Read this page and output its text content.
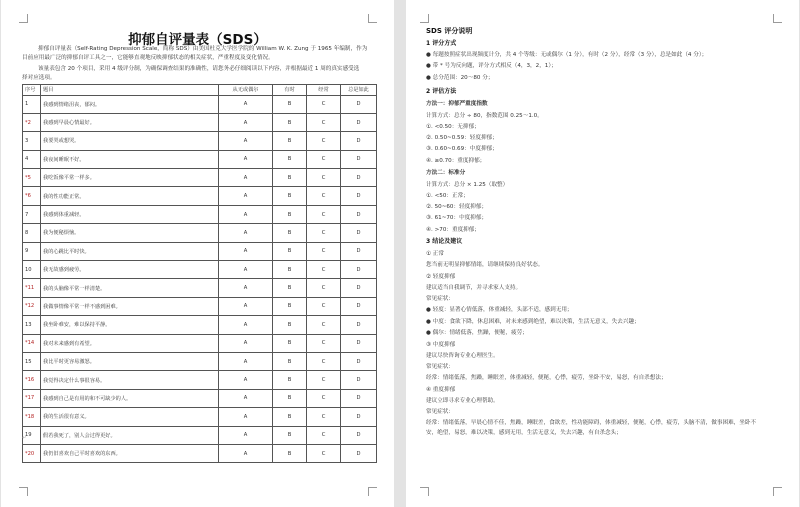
抑郁自评量表（SDS）
抑郁自评量表（Self-Rating Depression Scale，简称 SDS）由美国杜克大学医学院的 William W. K. Zung 于 1965 年编制，作为
目前应用最广泛的抑郁自评工具之一，它能够直观地反映抑郁状态的相关症状，严重程度及变化情况。
该量表包含 20 个项目，采用 4 级评分制，为确保调查结果的准确性，请您务必仔细阅读以下内容，并根据最近 1 周的真实感受选
择对应选项。
序号	题目	从无或偶尔	有时	经常	总是如此
1	我感到情绪沮丧，郁闷。	A	B	C	D
*2	我感到早晨心情最好。	A	B	C	D
3	我要哭或想哭。	A	B	C	D
4	我夜间睡眠不好。	A	B	C	D
*5	我吃饭像平常一样多。	A	B	C	D
*6	我的性功能正常。	A	B	C	D
7	我感到体重减轻。	A	B	C	D
8	我为便秘烦恼。	A	B	C	D
9	我的心跳比平时快。	A	B	C	D
10	我无故感到疲劳。	A	B	C	D
*11	我的头脑像平常一样清楚。	A	B	C	D
*12	我做事情像平常一样不感到困难。	A	B	C	D
13	我坐卧难安，难以保持平静。	A	B	C	D
*14	我对未来感到有希望。	A	B	C	D
15	我比平时更容易激怒。	A	B	C	D
*16	我觉得决定什么事很容易。	A	B	C	D
*17	我感到自己是有用的和不可缺少的人。	A	B	C	D
*18	我的生活很有意义。	A	B	C	D
19	假若我死了，别人会过得更好。	A	B	C	D
*20	我仍旧喜欢自己平时喜欢的东西。	A	B	C	D
↵
SDS 评分说明
1 评分方式
● 每题按照症状出现频度计分，共 4 个等级：无或偶尔（1 分），有时（2 分），经常（3 分），总是如此（4 分）；
● 带 * 号为反向题，评分方式相反（4，3，2，1）；
● 总分范围：20～80 分；
2 评估方法
方法一：抑郁严重度指数
计算方式：总分 ÷ 80，指数范围 0.25～1.0。
①. <0.50：无抑郁；
②. 0.50~0.59：轻度抑郁；
③. 0.60~0.69：中度抑郁；
④. ≥0.70：重度抑郁；
方法二：标准分
计算方式：总分 × 1.25（取整）
①. <50：正常；
②. 50~60：轻度抑郁；
③. 61~70：中度抑郁；
④. >70：重度抑郁；
3 结论及建议
① 正常
您当前无明显抑郁情绪，请继续保持良好状态。
② 轻度抑郁
建议适当自我调节，并寻求家人支持。
常见症状：
● 轻度：显著心情低落，体重减轻，头部不适，感到无用；
● 中度：食欲下降，休息困难，对未来感到绝望，难以决策，生活无意义，失去兴趣；
● 偶尔：情绪低落，焦躁，便秘，疲劳；
③ 中度抑郁
建议尽快咨询专业心理医生。
常见症状：
经常：情绪低落，焦躁，睡眠差，体重减轻，便秘，心悸，疲劳，坐卧不安，易怒，有自杀想法；
④ 重度抑郁
建议立即寻求专业心理帮助。
常见症状：
经常：情绪低落，早晨心情不佳，焦躁，睡眠差，食欲差，性功能障碍，体重减轻，便秘，心悸，疲劳，头脑不清，做事困难，坐卧不
安，绝望，易怒，难以决策，感到无用，生活无意义，失去兴趣，有自杀念头；
